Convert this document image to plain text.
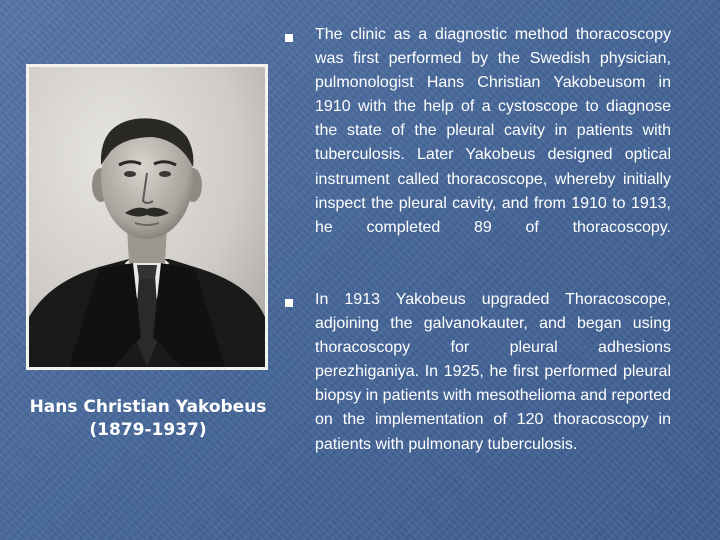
Hans Christian Yakobeus
(1879-1937)
The clinic as a diagnostic method thoracoscopy was first performed by the Swedish physician, pulmonologist Hans Christian Yakobeusom in 1910 with the help of a cystoscope to diagnose the state of the pleural cavity in patients with tuberculosis. Later Yakobeus designed optical instrument called thoracoscope, whereby initially inspect the pleural cavity, and from 1910 to 1913, he completed 89 of thoracoscopy.
In 1913 Yakobeus upgraded Thoracoscope, adjoining the galvanokauter, and began using thoracoscopy for pleural adhesions perezhiganiya. In 1925, he first performed pleural biopsy in patients with mesothelioma and reported on the implementation of 120 thoracoscopy in patients with pulmonary tuberculosis.
